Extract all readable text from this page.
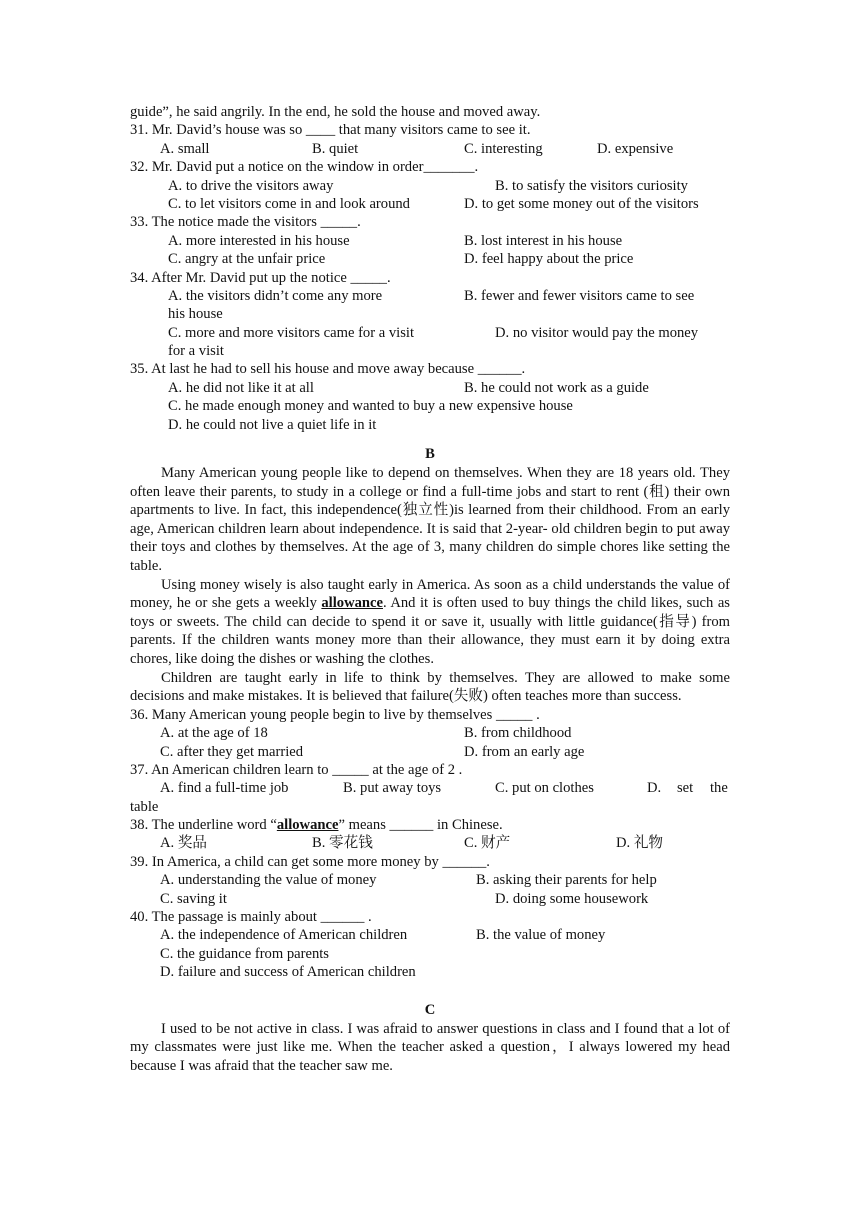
guide”, he said angrily. In the end, he sold the house and moved away.
31. Mr. David’s house was so ____ that many visitors came to see it.
A. small	B. quiet	C. interesting	D. expensive
32. Mr. David put a notice on the window in order_______.
A. to drive the visitors away	B. to satisfy the visitors curiosity
C. to let visitors come in and look around	D. to get some money out of the visitors
33. The notice made the visitors _____.
A. more interested in his house	B. lost interest in his house
C. angry at the unfair price	D. feel happy about the price
34. After Mr. David put up the notice _____.
A. the visitors didn’t come any more	B. fewer and fewer visitors came to see
his house
C. more and more visitors came for a visit	D. no visitor would pay the money
for a visit
35. At last he had to sell his house and move away because ______.
A. he did not like it at all	B. he could not work as a guide
C. he made enough money and wanted to buy a new expensive house
D. he could not live a quiet life in it
B

Many American young people like to depend on themselves. When they are 18 years old. They often leave their parents, to study in a college or find a full-time jobs and start to rent (租) their own apartments to live. In fact, this independence(独立性)is learned from their childhood. From an early age, American children learn about independence. It is said that 2-year- old children begin to put away their toys and clothes by themselves. At the age of 3, many children do simple chores like setting the table.

Using money wisely is also taught early in America. As soon as a child understands the value of money, he or she gets a weekly allowance. And it is often used to buy things the child likes, such as toys or sweets. The child can decide to spend it or save it, usually with little guidance(指导) from parents. If the children wants money more than their allowance, they must earn it by doing extra chores, like doing the dishes or washing the clothes.

Children are taught early in life to think by themselves. They are allowed to make some decisions and make mistakes. It is believed that failure(失败) often teaches more than success.

36. Many American young people begin to live by themselves _____ .
A. at the age of 18	B. from childhood
C. after they get married	D. from an early age
37. An American children learn to _____ at the age of 2 .
A. find a full-time job	B. put away toys	C. put on clothes	D. set the
table
38. The underline word “allowance” means ______ in Chinese.
A. 奖品	B. 零花钱	C. 财产	D. 礼物
39. In America, a child can get some more money by ______.
A. understanding the value of money	B. asking their parents for help
C. saving it	D. doing some housework
40. The passage is mainly about ______ .
A. the independence of American children	B. the value of money
C. the guidance from parents
D. failure and success of American children
C

I used to be not active in class. I was afraid to answer questions in class and I found that a lot of my classmates were just like me. When the teacher asked a question，I always lowered my head because I was afraid that the teacher saw me.
